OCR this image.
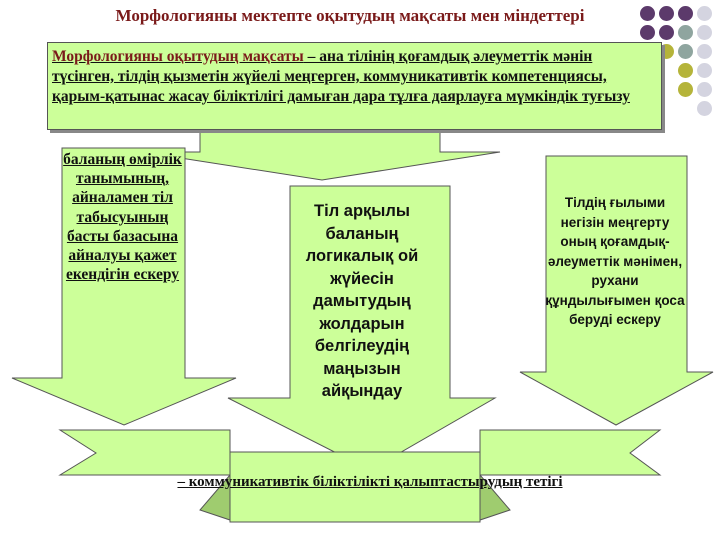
Морфологияны мектепте оқытудың мақсаты мен міндеттері
Морфологияны оқытудың мақсаты – ана тілінің қоғамдық әлеуметтік мәнін түсінген, тілдің қызметін жүйелі меңгерген, коммуникативтік компетенциясы, қарым-қатынас жасау біліктілігі дамыған дара тұлға даярлауға мүмкіндік туғызу
баланың өмірлік танымының, айналамен тіл табысуының басты базасына айналуы қажет екендігін ескеру
Тіл арқылы баланың логикалық ой жүйесін дамытудың жолдарын белгілеудің маңызын айқындау
Тілдің ғылыми негізін меңгерту оның қоғамдық-әлеуметтік мәнімен, рухани құндылығымен қоса беруді ескеру
– коммуникативтік біліктілікті қалыптастырудың тетігі
